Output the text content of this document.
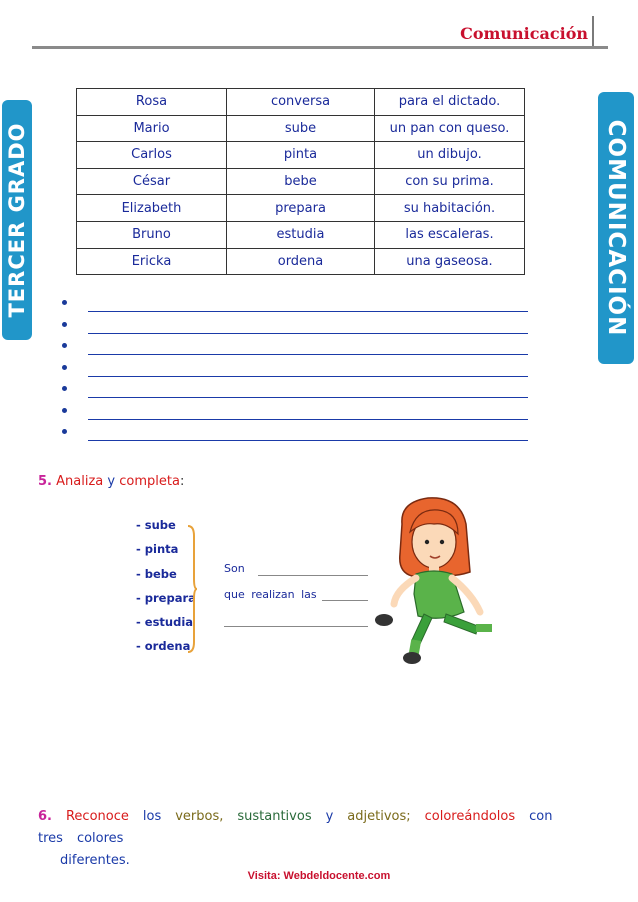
Comunicación
TERCER GRADO	COMUNICACIÓN
Rosa	conversa	para el dictado.
Mario	sube	un pan con queso.
Carlos	pinta	un dibujo.
César	bebe	con su prima.
Elizabeth	prepara	su habitación.
Bruno	estudia	las escaleras.
Ericka	ordena	una gaseosa.
5. Analiza y completa:
- sube
- pinta
- bebe
- prepara
- estudia
- ordena
Son
que realizan las
6. Reconoce los verbos, sustantivos y adjetivos; coloreándolos contres colores
diferentes.
Visita: Webdeldocente.com
